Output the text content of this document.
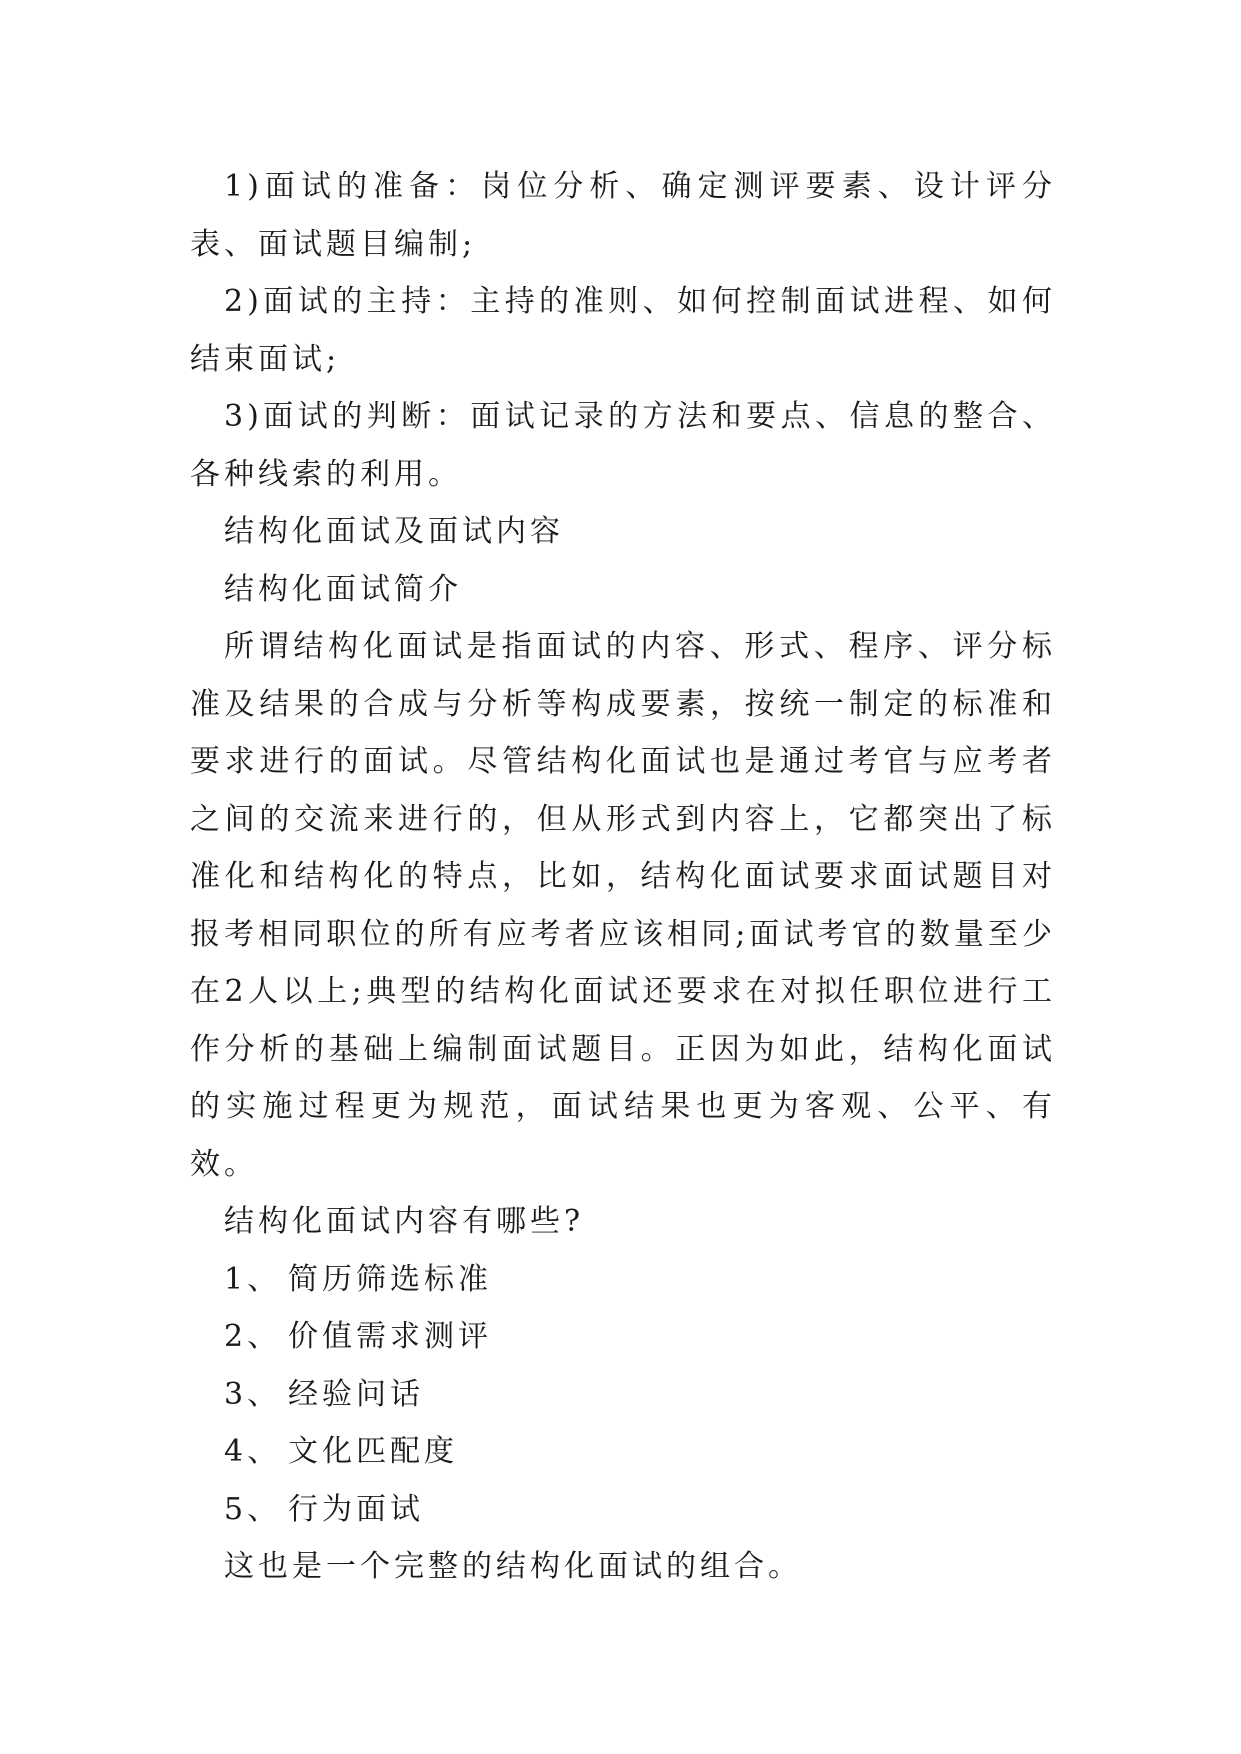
1)面试的准备：岗位分析、确定测评要素、设计评分表、面试题目编制;

2)面试的主持：主持的准则、如何控制面试进程、如何结束面试;

3)面试的判断：面试记录的方法和要点、信息的整合、各种线索的利用。

结构化面试及面试内容

结构化面试简介

所谓结构化面试是指面试的内容、形式、程序、评分标准及结果的合成与分析等构成要素，按统一制定的标准和要求进行的面试。尽管结构化面试也是通过考官与应考者之间的交流来进行的，但从形式到内容上，它都突出了标准化和结构化的特点，比如，结构化面试要求面试题目对报考相同职位的所有应考者应该相同;面试考官的数量至少在2人以上;典型的结构化面试还要求在对拟任职位进行工作分析的基础上编制面试题目。正因为如此，结构化面试的实施过程更为规范，面试结果也更为客观、公平、有效。

结构化面试内容有哪些?

1、 简历筛选标准
2、 价值需求测评
3、 经验问话
4、 文化匹配度
5、 行为面试

这也是一个完整的结构化面试的组合。
